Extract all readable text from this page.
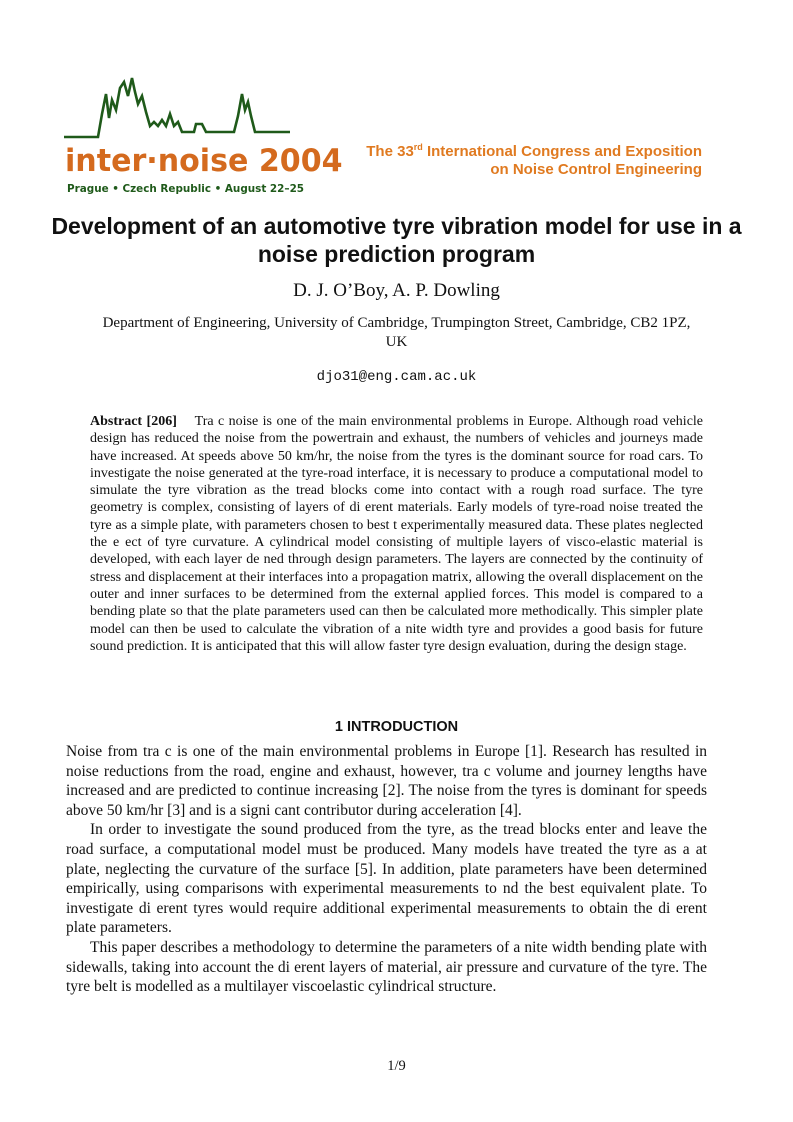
inter·noise 2004
Prague • Czech Republic • August 22–25
The 33rd International Congress and Exposition
on Noise Control Engineering
Development of an automotive tyre vibration model for use in a noise prediction program
D. J. O’Boy, A. P. Dowling
Department of Engineering, University of Cambridge, Trumpington Street, Cambridge, CB2 1PZ, UK
djo31@eng.cam.ac.uk
Abstract [206] Tra c noise is one of the main environmental problems in Europe. Although road vehicle design has reduced the noise from the powertrain and exhaust, the numbers of vehicles and journeys made have increased. At speeds above 50 km/hr, the noise from the tyres is the dominant source for road cars. To investigate the noise generated at the tyre-road interface, it is necessary to produce a computational model to simulate the tyre vibration as the tread blocks come into contact with a rough road surface. The tyre geometry is complex, consisting of layers of di erent materials. Early models of tyre-road noise treated the tyre as a simple plate, with parameters chosen to best t experimentally measured data. These plates neglected the e ect of tyre curvature. A cylindrical model consisting of multiple layers of visco-elastic material is developed, with each layer de ned through design parameters. The layers are connected by the continuity of stress and displacement at their interfaces into a propagation matrix, allowing the overall displacement on the outer and inner surfaces to be determined from the external applied forces. This model is compared to a bending plate so that the plate parameters used can then be calculated more methodically. This simpler plate model can then be used to calculate the vibration of a nite width tyre and provides a good basis for future sound prediction. It is anticipated that this will allow faster tyre design evaluation, during the design stage.
1 INTRODUCTION

Noise from tra c is one of the main environmental problems in Europe [1]. Research has resulted in noise reductions from the road, engine and exhaust, however, tra c volume and journey lengths have increased and are predicted to continue increasing [2]. The noise from the tyres is dominant for speeds above 50 km/hr [3] and is a signi cant contributor during acceleration [4].

In order to investigate the sound produced from the tyre, as the tread blocks enter and leave the road surface, a computational model must be produced. Many models have treated the tyre as a at plate, neglecting the curvature of the surface [5]. In addition, plate parameters have been determined empirically, using comparisons with experimental measurements to nd the best equivalent plate. To investigate di erent tyres would require additional experimental measurements to obtain the di erent plate parameters.

This paper describes a methodology to determine the parameters of a nite width bending plate with sidewalls, taking into account the di erent layers of material, air pressure and curvature of the tyre. The tyre belt is modelled as a multilayer viscoelastic cylindrical structure.

1/9
